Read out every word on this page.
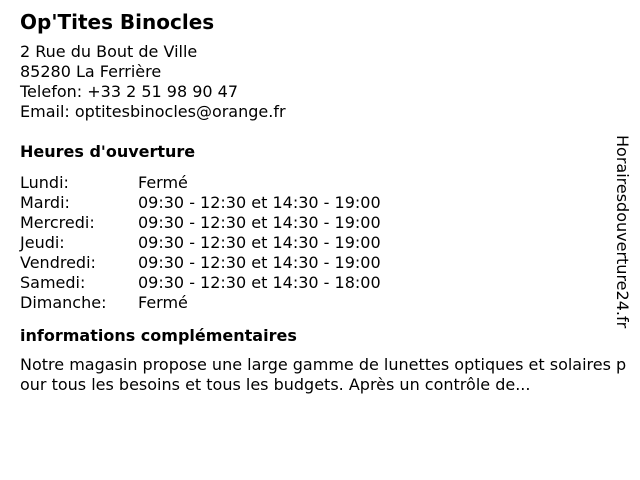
Op'Tites Binocles
2 Rue du Bout de Ville
85280 La Ferrière
Telefon: +33 2 51 98 90 47
Email: optitesbinocles@orange.fr
Heures d'ouverture
Lundi:	Fermé
Mardi:	09:30 - 12:30 et 14:30 - 19:00
Mercredi:	09:30 - 12:30 et 14:30 - 19:00
Jeudi:	09:30 - 12:30 et 14:30 - 19:00
Vendredi:	09:30 - 12:30 et 14:30 - 19:00
Samedi:	09:30 - 12:30 et 14:30 - 18:00
Dimanche:	Fermé
informations complémentaires
Notre magasin propose une large gamme de lunettes optiques et solaires pour tous les besoins et tous les budgets. Après un contrôle de...
Horairesdouverture24.fr
